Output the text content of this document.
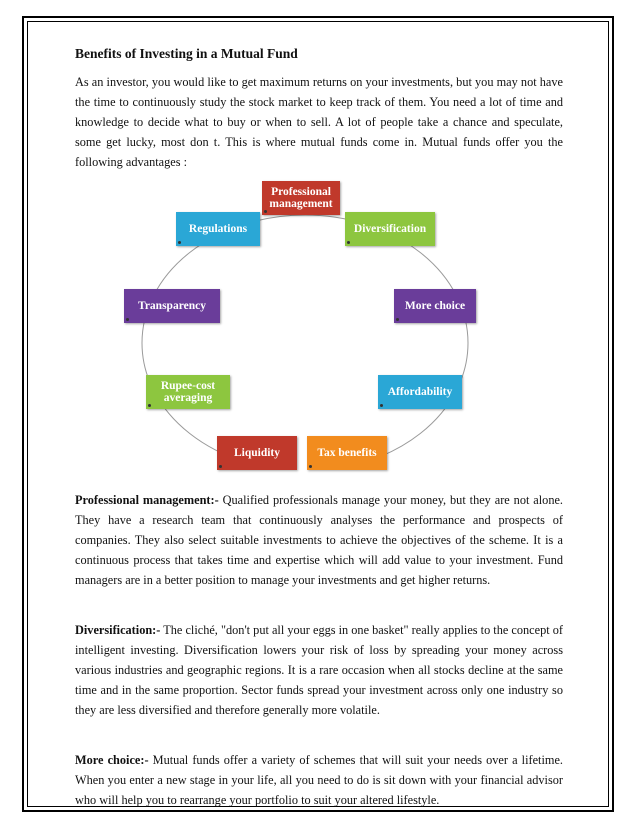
Benefits of Investing in a Mutual Fund

As an investor, you would like to get maximum returns on your investments, but you may not have the time to continuously study the stock market to keep track of them. You need a lot of time and knowledge to decide what to buy or when to sell. A lot of people take a chance and speculate, some get lucky, most don t. This is where mutual funds come in. Mutual funds offer you the following advantages :

Professional management
Diversification
More choice
Affordability
Tax benefits
Liquidity
Rupee-cost averaging
Transparency
Regulations

Professional management:- Qualified professionals manage your money, but they are not alone. They have a research team that continuously analyses the performance and prospects of companies. They also select suitable investments to achieve the objectives of the scheme. It is a continuous process that takes time and expertise which will add value to your investment. Fund managers are in a better position to manage your investments and get higher returns.

Diversification:- The cliché, "don't put all your eggs in one basket" really applies to the concept of intelligent investing. Diversification lowers your risk of loss by spreading your money across various industries and geographic regions. It is a rare occasion when all stocks decline at the same time and in the same proportion. Sector funds spread your investment across only one industry so they are less diversified and therefore generally more volatile.

More choice:- Mutual funds offer a variety of schemes that will suit your needs over a lifetime. When you enter a new stage in your life, all you need to do is sit down with your financial advisor who will help you to rearrange your portfolio to suit your altered lifestyle.
